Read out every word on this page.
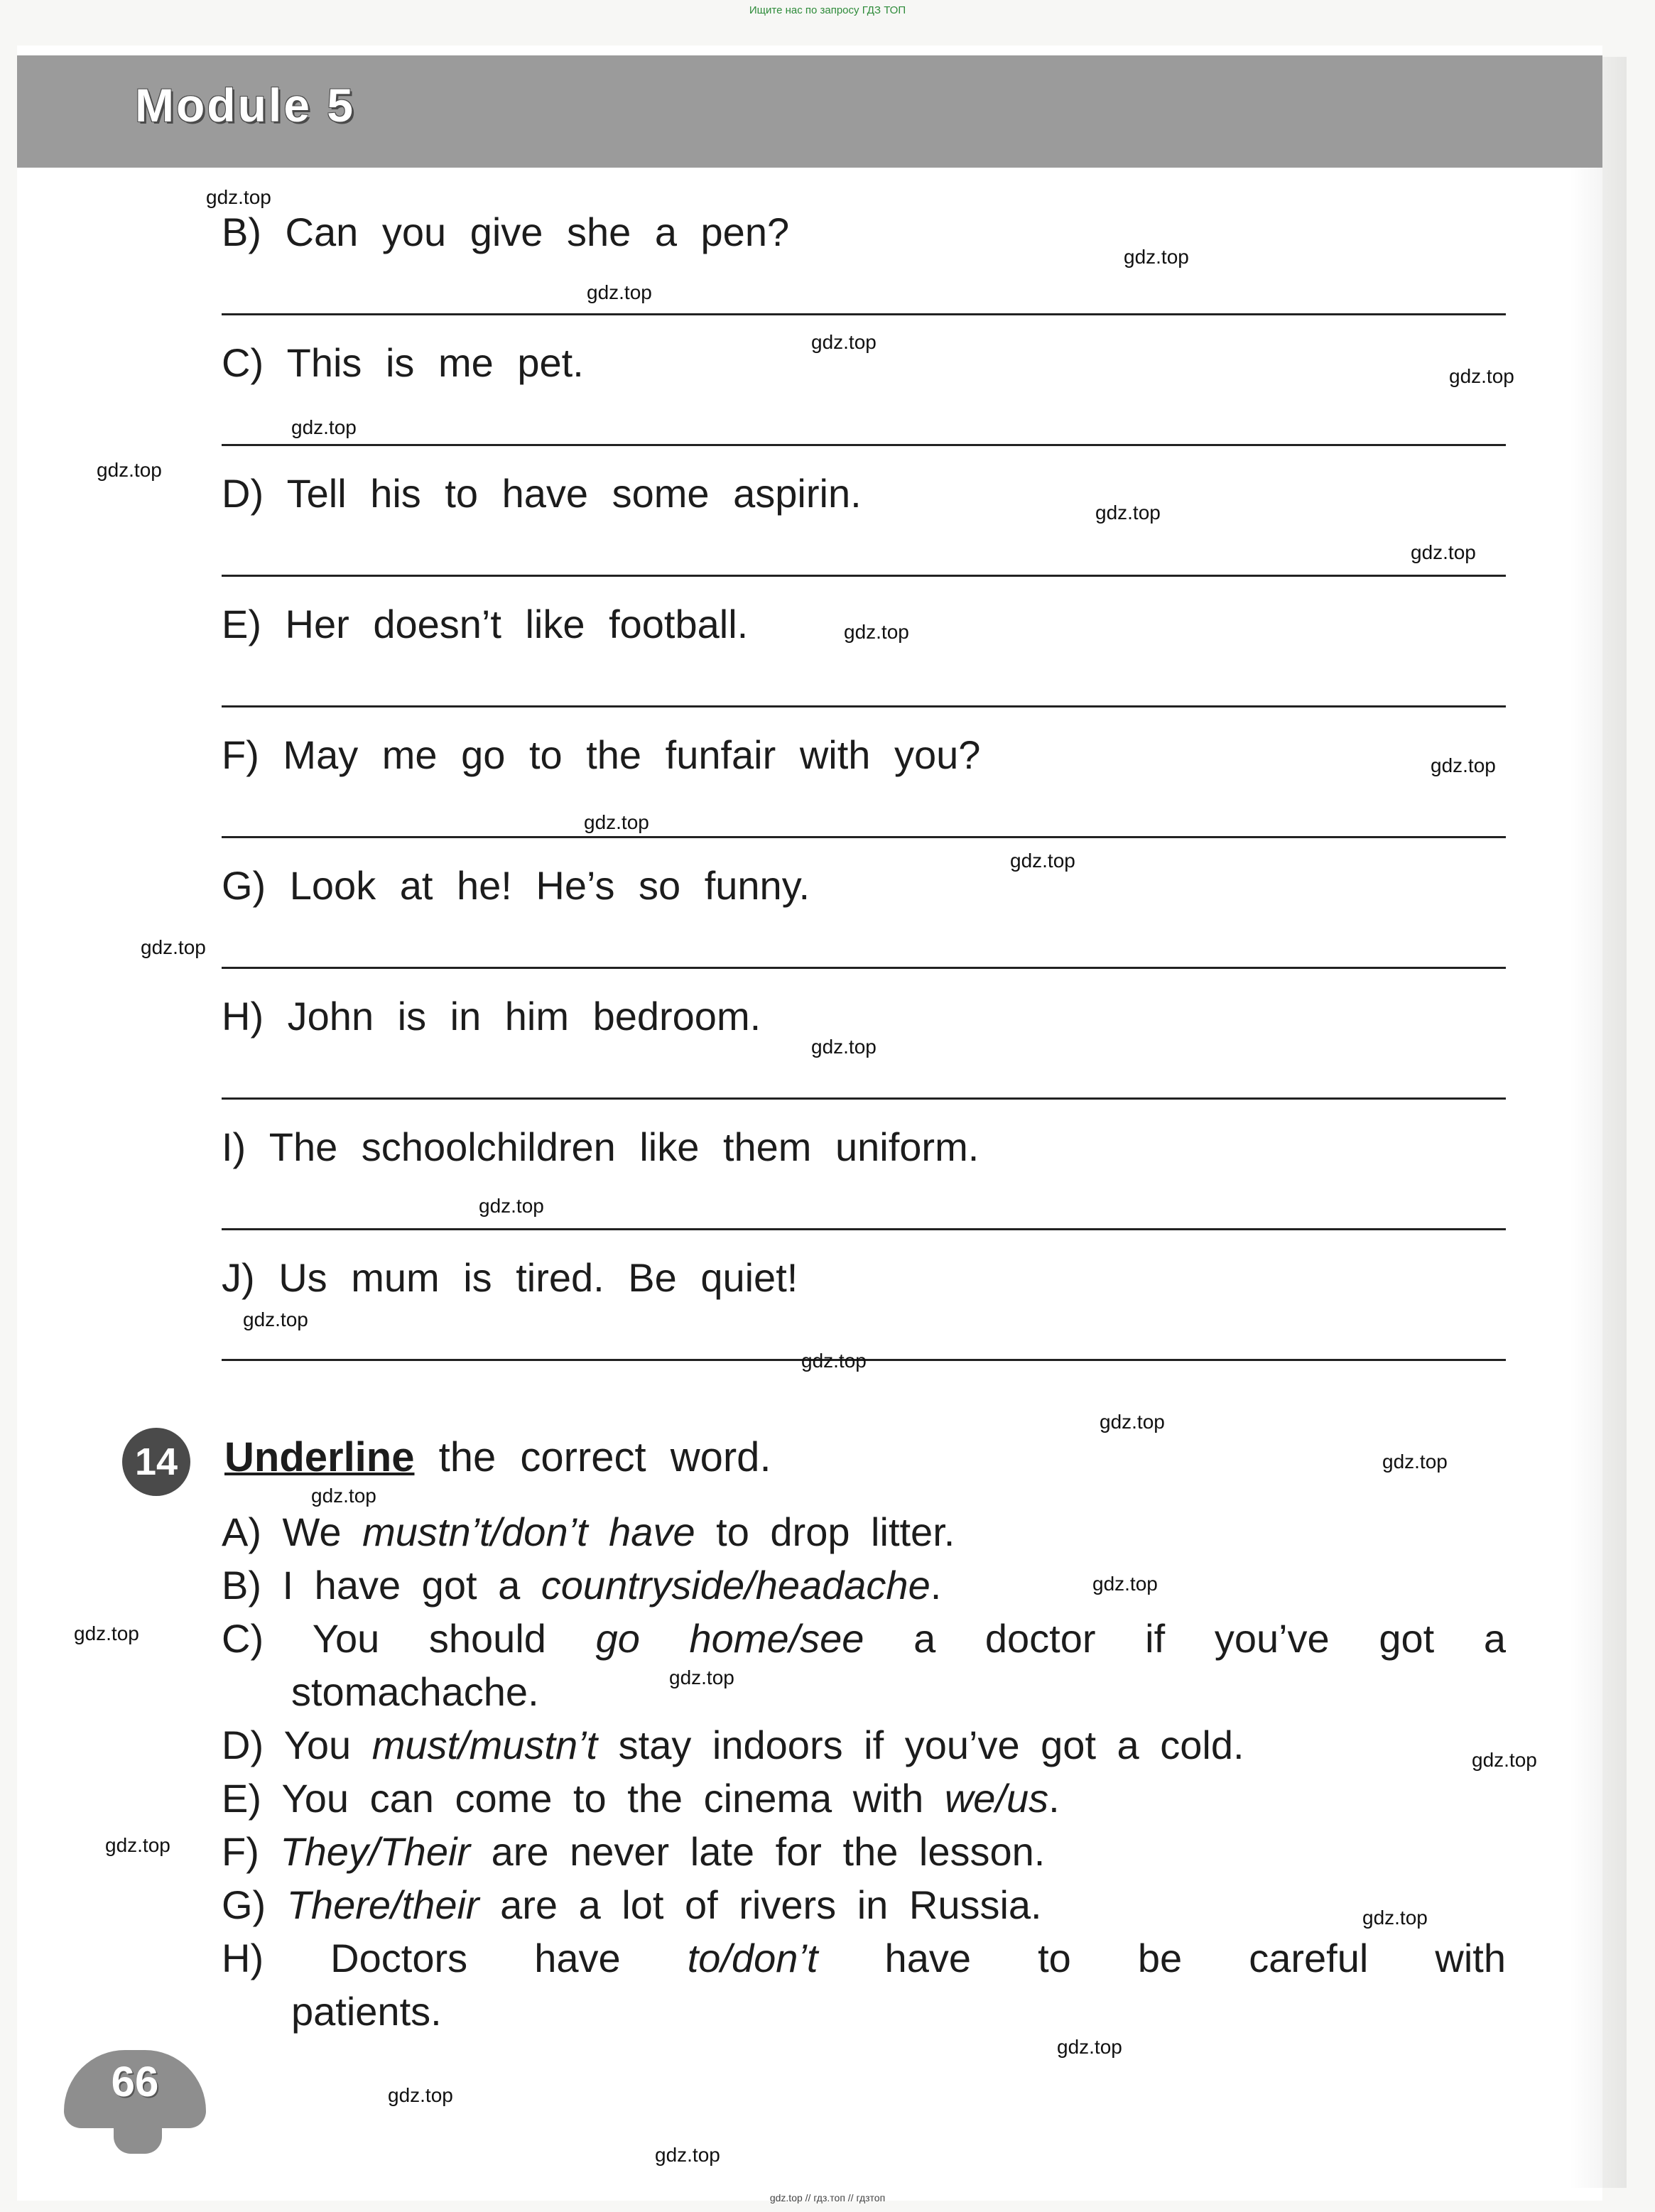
Ищите нас по запросу ГДЗ ТОП
Module 5
B) Can you give she a pen?
C) This is me pet.
D) Tell his to have some aspirin.
E) Her doesn’t like football.
F) May me go to the funfair with you?
G) Look at he! He’s so funny.
H) John is in him bedroom.
I) The schoolchildren like them uniform.
J) Us mum is tired. Be quiet!
14	Underline the correct word.
A) We mustn’t/don’t have to drop litter.
B) I have got a countryside/headache.
C) You should go home/see a doctor if you’ve got a
stomachache.
D) You must/mustn’t stay indoors if you’ve got a cold.
E) You can come to the cinema with we/us.
F) They/Their are never late for the lesson.
G) There/their are a lot of rivers in Russia.
H) Doctors have to/don’t have to be careful with
patients.
66
gdz.top
gdz.top
gdz.top
gdz.top
gdz.top
gdz.top
gdz.top
gdz.top
gdz.top
gdz.top
gdz.top
gdz.top
gdz.top
gdz.top
gdz.top
gdz.top
gdz.top
gdz.top
gdz.top
gdz.top
gdz.top
gdz.top
gdz.top
gdz.top
gdz.top
gdz.top
gdz.top
gdz.top
gdz.top
gdz.top
gdz.top // гдз.топ // гдзтоп
